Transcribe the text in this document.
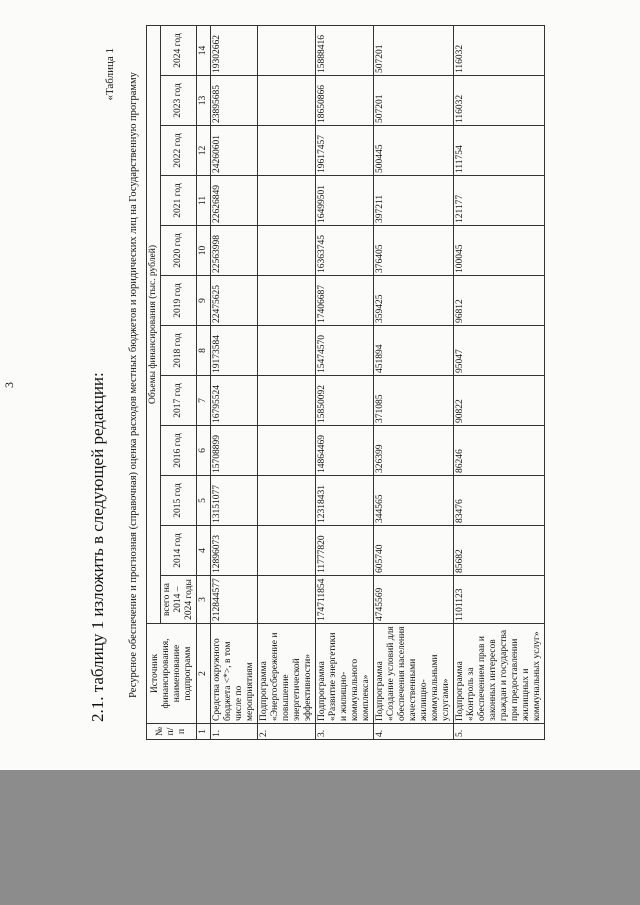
3	2.1. таблицу 1 изложить в следующей редакции:
«Таблица 1 Ресурсное обеспечение и прогнозная (справочная) оценка расходов местных бюджетов и юридических лиц на Государственную программу
№ п/п	Источник финансирования, наименование подпрограмм	Объемы финансирования (тыс. рублей)											
		всего на 2014 – 2024 годы	2014 год	2015 год	2016 год	2017 год	2018 год	2019 год	2020 год	2021 год	2022 год	2023 год	2024 год
1	2	3	4	5	6	7	8	9	10	11	12	13	14
1.	Средства окружного бюджета <*>, в том числе по мероприятиям	212844577	12896073	13151077	15708899	16795524	19173584	22475625	22563998	22626849	24260601	23895685	19302662
2.	Подпрограмма «Энергосбережение и повышение энергетической эффективности»												
3.	Подпрограмма «Развитие энергетики и жилищно-коммунального комплекса»	174711854	11777820	12318431	14864469	15850092	15474570	17406687	16363745	16499501	19617457	18650866	15888416
4.	Подпрограмма «Создание условий для обеспечения населения качественными жилищно-коммунальными услугами»	4745569	605740	344565	326399	371085	451894	359425	376405	397211	500445	507201	507201
5.	Подпрограмма «Контроль за обеспечением прав и законных интересов граждан и государства при предоставлении жилищных и коммунальных услуг»	1101123	85682	83476	86246	90822	95047	96812	100045	121177	111754	116032	116032
